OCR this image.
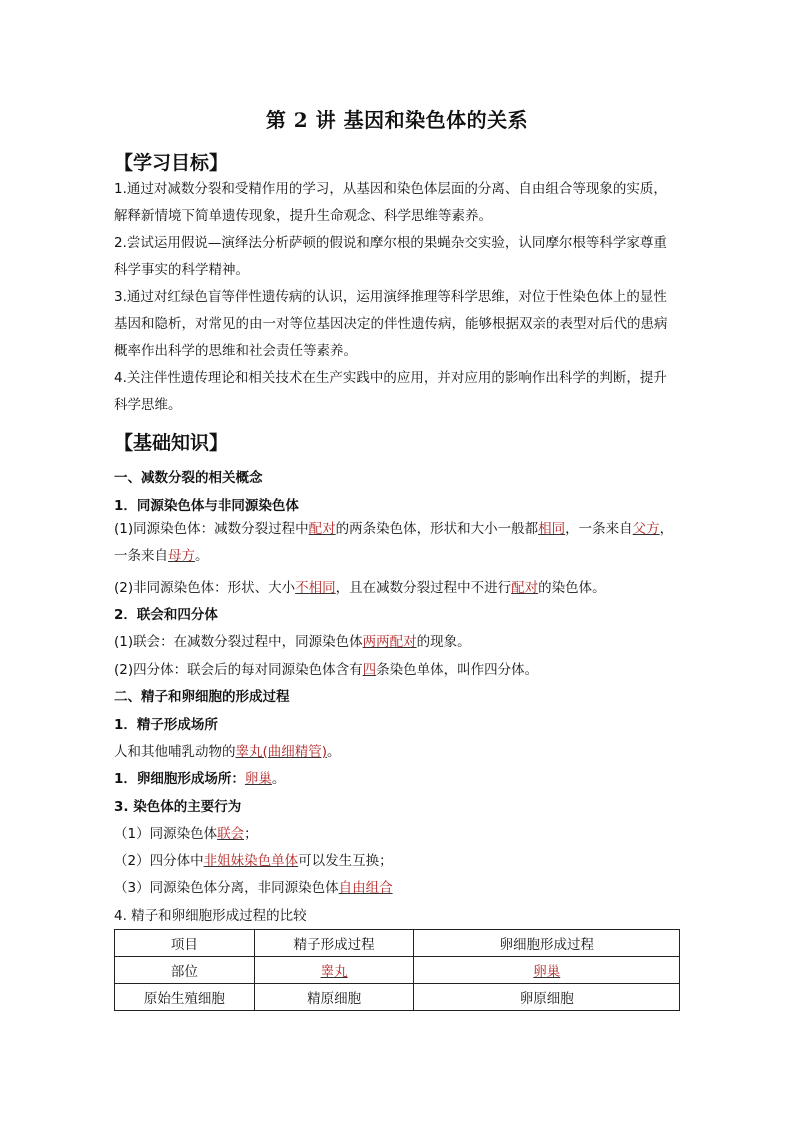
第 2 讲 基因和染色体的关系
【学习目标】

1.通过对减数分裂和受精作用的学习，从基因和染色体层面的分离、自由组合等现象的实质，解释新情境下简单遗传现象，提升生命观念、科学思维等素养。

2.尝试运用假说—演绎法分析萨顿的假说和摩尔根的果蝇杂交实验，认同摩尔根等科学家尊重科学事实的科学精神。

3.通过对红绿色盲等伴性遗传病的认识，运用演绎推理等科学思维，对位于性染色体上的显性基因和隐析，对常见的由一对等位基因决定的伴性遗传病，能够根据双亲的表型对后代的患病概率作出科学的思维和社会责任等素养。

4.关注伴性遗传理论和相关技术在生产实践中的应用，并对应用的影响作出科学的判断，提升科学思维。

【基础知识】
一、减数分裂的相关概念
1．同源染色体与非同源染色体
(1)同源染色体：减数分裂过程中配对的两条染色体，形状和大小一般都相同，一条来自父方，一条来自母方。
(2)非同源染色体：形状、大小不相同，且在减数分裂过程中不进行配对的染色体。
2．联会和四分体
(1)联会：在减数分裂过程中，同源染色体两两配对的现象。
(2)四分体：联会后的每对同源染色体含有四条染色单体，叫作四分体。
二、精子和卵细胞的形成过程
1．精子形成场所
人和其他哺乳动物的睾丸(曲细精管)。
1．卵细胞形成场所：卵巢。
3. 染色体的主要行为
（1）同源染色体联会；
（2）四分体中非姐妹染色单体可以发生互换；
（3）同源染色体分离，非同源染色体自由组合
4. 精子和卵细胞形成过程的比较
项目	精子形成过程	卵细胞形成过程
部位	睾丸	卵巢
原始生殖细胞	精原细胞	卵原细胞
